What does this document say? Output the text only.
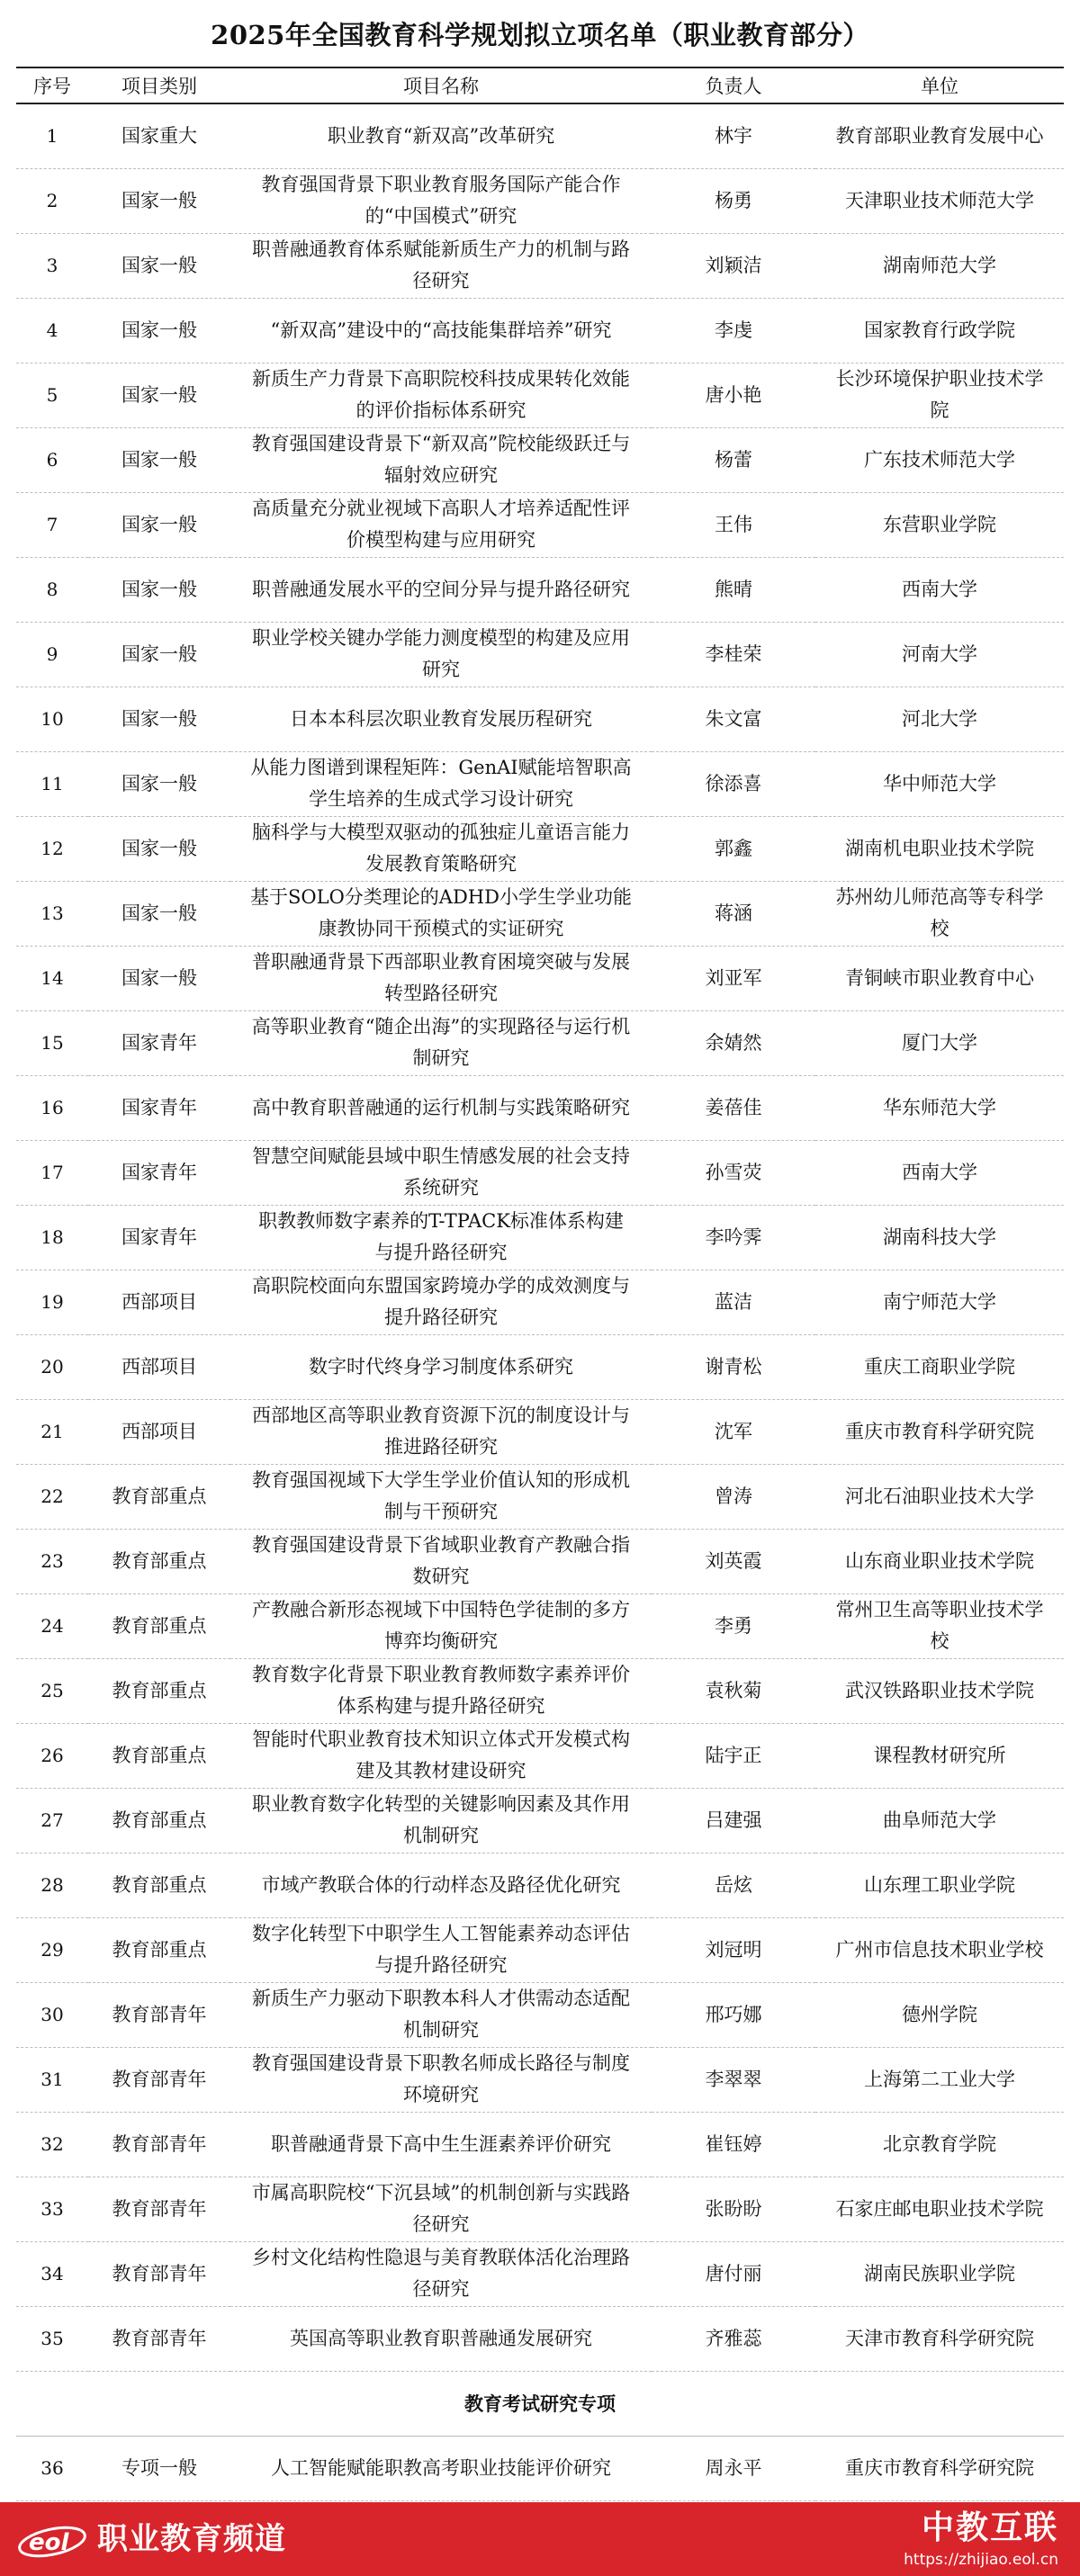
2025年全国教育科学规划拟立项名单（职业教育部分）
序号	项目类别	项目名称	负责人	单位
1	国家重大	职业教育“新双高”改革研究	林宇	教育部职业教育发展中心
2	国家一般	教育强国背景下职业教育服务国际产能合作的“中国模式”研究	杨勇	天津职业技术师范大学
3	国家一般	职普融通教育体系赋能新质生产力的机制与路径研究	刘颖洁	湖南师范大学
4	国家一般	“新双高”建设中的“高技能集群培养”研究	李虔	国家教育行政学院
5	国家一般	新质生产力背景下高职院校科技成果转化效能的评价指标体系研究	唐小艳	长沙环境保护职业技术学院
6	国家一般	教育强国建设背景下“新双高”院校能级跃迁与辐射效应研究	杨蕾	广东技术师范大学
7	国家一般	高质量充分就业视域下高职人才培养适配性评价模型构建与应用研究	王伟	东营职业学院
8	国家一般	职普融通发展水平的空间分异与提升路径研究	熊晴	西南大学
9	国家一般	职业学校关键办学能力测度模型的构建及应用研究	李桂荣	河南大学
10	国家一般	日本本科层次职业教育发展历程研究	朱文富	河北大学
11	国家一般	从能力图谱到课程矩阵：GenAI赋能培智职高学生培养的生成式学习设计研究	徐添喜	华中师范大学
12	国家一般	脑科学与大模型双驱动的孤独症儿童语言能力发展教育策略研究	郭鑫	湖南机电职业技术学院
13	国家一般	基于SOLO分类理论的ADHD小学生学业功能康教协同干预模式的实证研究	蒋涵	苏州幼儿师范高等专科学校
14	国家一般	普职融通背景下西部职业教育困境突破与发展转型路径研究	刘亚军	青铜峡市职业教育中心
15	国家青年	高等职业教育“随企出海”的实现路径与运行机制研究	余婧然	厦门大学
16	国家青年	高中教育职普融通的运行机制与实践策略研究	姜蓓佳	华东师范大学
17	国家青年	智慧空间赋能县域中职生情感发展的社会支持系统研究	孙雪荧	西南大学
18	国家青年	职教教师数字素养的T-TPACK标准体系构建与提升路径研究	李吟霁	湖南科技大学
19	西部项目	高职院校面向东盟国家跨境办学的成效测度与提升路径研究	蓝洁	南宁师范大学
20	西部项目	数字时代终身学习制度体系研究	谢青松	重庆工商职业学院
21	西部项目	西部地区高等职业教育资源下沉的制度设计与推进路径研究	沈军	重庆市教育科学研究院
22	教育部重点	教育强国视域下大学生学业价值认知的形成机制与干预研究	曾涛	河北石油职业技术大学
23	教育部重点	教育强国建设背景下省域职业教育产教融合指数研究	刘英霞	山东商业职业技术学院
24	教育部重点	产教融合新形态视域下中国特色学徒制的多方博弈均衡研究	李勇	常州卫生高等职业技术学校
25	教育部重点	教育数字化背景下职业教育教师数字素养评价体系构建与提升路径研究	袁秋菊	武汉铁路职业技术学院
26	教育部重点	智能时代职业教育技术知识立体式开发模式构建及其教材建设研究	陆宇正	课程教材研究所
27	教育部重点	职业教育数字化转型的关键影响因素及其作用机制研究	吕建强	曲阜师范大学
28	教育部重点	市域产教联合体的行动样态及路径优化研究	岳炫	山东理工职业学院
29	教育部重点	数字化转型下中职学生人工智能素养动态评估与提升路径研究	刘冠明	广州市信息技术职业学校
30	教育部青年	新质生产力驱动下职教本科人才供需动态适配机制研究	邢巧娜	德州学院
31	教育部青年	教育强国建设背景下职教名师成长路径与制度环境研究	李翠翠	上海第二工业大学
32	教育部青年	职普融通背景下高中生生涯素养评价研究	崔钰婷	北京教育学院
33	教育部青年	市属高职院校“下沉县域”的机制创新与实践路径研究	张盼盼	石家庄邮电职业技术学院
34	教育部青年	乡村文化结构性隐退与美育教联体活化治理路径研究	唐付丽	湖南民族职业学院
35	教育部青年	英国高等职业教育职普融通发展研究	齐雅蕊	天津市教育科学研究院
教育考试研究专项				
36	专项一般	人工智能赋能职教高考职业技能评价研究	周永平	重庆市教育科学研究院
eol 职业教育频道	中教互联
https://zhijiao.eol.cn
